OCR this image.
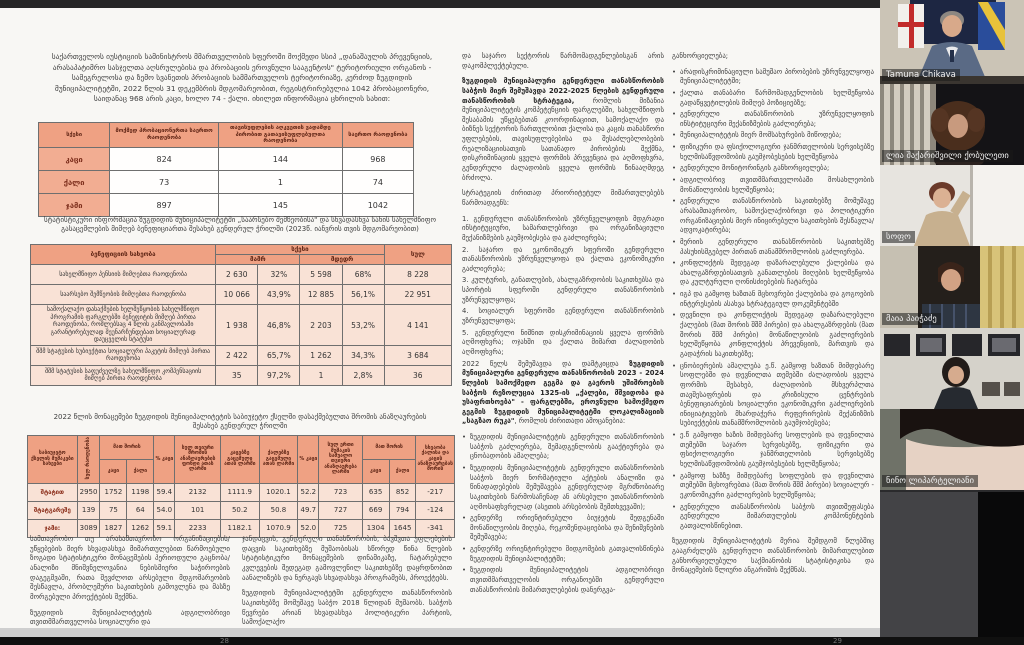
საქართველოს იუსტიციის სამინისტროს მმართველობის სფეროში მოქმედი სსიპ „დანაშაულის პრევენციის, არასაპატიმრო სასჯელთა აღსრულებისა და პრობაციის ეროვნული სააგენტოს" ტერიტორიული ორგანოს - სამეგრელოსა და ზემო სვანეთის პრობაციის სამმართველოს ტერიტორიაზე, კერძოდ ზუგდიდის მუნიციპალიტეტში, 2022 წლის 31 დეკემბრის მდგომარეობით, რეგისტრირებულია 1042 პრობაციონერი, საიდანაც 968 არის კაცი, ხოლო 74 - ქალი. იხილეთ ინფორმაცია ცხრილის სახით:
სქესი	მოქმედ პრობაციონერთა საერთო რაოდენობა	თავისუფლების აღკვეთის ვადამდე პირობით გათავისუფლებულთა რაოდენობა	საერთო რაოდენობა
კაცი	824	144	968
ქალი	73	1	74
ჯამი	897	145	1042
სტატისტიკური ინფორმაცია ზუგდიდის მუნიციპალიტეტში „საარსებო შემწეობისა" და სხვადასხვა სახის სახელმწიფო გასაცემლების მიმღებ ბენეფიციართა შესახებ გენდერულ ჭრილში (2023წ. იანვრის თვის მდგომარეობით)
ბენეფიციის სახეობა	სქესი				სულ
	მამრ		მდედრ		
სახელმწიფო პენსიის მიმღებთა რაოდენობა	2 630	32%	5 598	68%	8 228
საარსებო შემწეობის მიმღებთა რაოდენობა	10 066	43,9%	12 885	56,1%	22 951
სამოქალაქო დასაქმების ხელშეწყობის სახელმწიფო პროგრამის ფარგლებში ბენეფიტის მიმღებ პირთა რაოდენობა, რომლებსაც 4 წლის განმავლობაში გარანტირებულად შეუნარჩუნდებათ სოციალურად დაუცველის სტატუსი	1 938	46,8%	2 203	53,2%	4 141
შშმ სტატუსის სუბიექტთა სოციალური პაკეტის მიმღებ პირთა რაოდენობა	2 422	65,7%	1 262	34,3%	3 684
შშმ სტატუსის საფუძველზე სახელმწიფო კომპენსაციის მიმღებ პირთა რაოდენობა	35	97,2%	1	2,8%	36
2022 წლის მონაცემები ზუგდიდის მუნიციპალიტეტის საბიუჯეტო ქსელში დასაქმებულთა შრომის ანაზღაურების შესახებ გენდერულ ჭრილში
საბიუჯეტო ქსელის მუშაკები სახეები	სულ რაოდენობა	მათ შორის		% კაცი	სულ თვიური შრომის ანაზღაურების ფონდი ათას ლარში	კაცებზე გაცემული ათას ლარში	ქალებზე გაცემული ათას ლარში	% კაცი	სულ ერთი მუშაკის საშუალო თვიური ანაზღაურება ლარში	მათ შორის		სხვაობა ქალისა და კაცის ანაზღაურებას შორის
		კაცი	ქალი							კაცი	ქალი	
შტატით	2950	1752	1198	59.4	2132	1111.9	1020.1	52.2	723	635	852	-217
შტატგარეშე	139	75	64	54.0	101	50.2	50.8	49.7	727	669	794	-124
ჯამი:	3089	1827	1262	59.1	2233	1182.1	1070.9	52.0	725	1304	1645	-341

სამთავრობო თუ არასამთავრობო ორგანიზაციების/უწყებების მიერ სხვადასხვა მიმართულებით წარმოებული ზოგადი სტატისტიკური მონაცემების პერიოდული გაცნობა/ანალიზი მნიშვნელოვანია ნებისმიერი საჭიროების დაგეგმვაში, რათა შევძლოთ არსებული მდგომარეობის შესწავლა, პრობლემური საკითხების გამოვლენა და მასზე მორგებული პროექტების შექმნა.

ზუგდიდის მუნიციპალიტეტის ადგილობრივი თვითმმართველობა სოციალური და

ჯანდაცვის, გენდერული თანასწორობის, ბავშვთა უფლებების დაცვის საკითხებზე მუშაობისას სწორედ წინა წლების სტატისტიკური მონაცემების დინამიკაზე, ჩატარებული კვლევების შედეგად გამოვლენილ საკითხებზე დაყრდნობით აანალიზებს და ნერგავს სხვადასხვა პროგრამებს, პროექტებს.

ზუგდიდის მუნიციპალიტეტში გენდერული თანასწორობის საკითხებზე მომუშავე საბჭო 2018 წლიდან მუშაობს. საბჭოს წევრები არიან სხვადასხვა პოლიტიკური პარტიის, სამოქალაქო

და საჯარო სექტორის წარმომადგენლებისგან არის დაკომპლექტებული.

ზუგდიდის მუნიციპალური გენდერული თანასწორობის საბჭოს მიერ შემუშავდა 2022-2025 წლების გენდერული თანასწორობის სტრატეგია, რომლის მიზანია მუნიციპალიტეტის კომპეტენციის ფარგლებში, სახელმწიფოს შესაბამის უწყებებთან კოორდინაციით, სამოქალაქო და ბიზნეს სექტორის ჩართულობით ქალისა და კაცის თანასწორი უფლებების, თავისუფლებებისა და შესაძლებლობების რეალიზაციისათვის სათანადო პირობების შექმნა, დისკრიმინაციის ყველა ფორმის პრევენცია და აღმოფხვრა, გენდერული ძალადობის ყველა ფორმის წინააღმდეგ ბრძოლა.

სტრატეგიის ძირითად პრიორიტეტულ მიმართულებებს წარმოადგენს:

1. გენდერული თანასწორობის უზრუნველყოფის მდგრადი ინსტიტუციური, სამართლებრივი და ორგანიზაციული მექანიზმების გაუმჯობესება და გაძლიერება;
2. საჯარო და ეკონომიკურ სფეროში გენდერული თანასწორობის უზრუნველყოფა და ქალთა ეკონომიკური გაძლიერება;
3. კულტურის, განათლების, ახალგაზრდობის საკითხებსა და სპორტის სფეროში გენდერული თანასწორობის უზრუნველყოფა;
4. სოციალურ სფეროში გენდერული თანასწორობის უზრუნველყოფა;
5. გენდერული ნიშნით დისკრიმინაციის ყველა ფორმის აღმოფხვრა; ოჯახში და ქალთა მიმართ ძალადობის აღმოფხვრა;

2022 წელს შემუშავდა და დამტკიცდა ზუგდიდის მუნიციპალური გენდერული თანასწორობის 2023 - 2024 წლების სამოქმედო გეგმა და გაეროს უშიშროების საბჭოს რეზოლუცია 1325-ის „ქალები, მშვიდობა და უსაფრთხოება" - ფარგლებში, ეროვნული სამოქმედო გეგმის ზუგდიდის მუნიციპალიტეტში ლოკალიზაციის „საგზაო რუკა", რომლის ძირითადი ამოცანებია:

• ზუგდიდის მუნიციპალიტეტის გენდერული თანასწორობის საბჭოს გაძლიერება, შემადგენლობის გააქტიურება და ცნობადობის ამაღლება;
• ზუგდიდის მუნიციპალიტეტის გენდერული თანასწორობის საბჭოს მიერ ნორმატიული აქტების ანალიზი და წინადადებების შემუშავება გენდერულად მგრძნობიარე საკითხების წარმოსაჩენად ან არსებული უთანასწორობის აღმოსაფხვრელად (ასეთის არსებობის შემთხვევაში);
• გენდერზე ორიენტირებული ბიუჯეტის შედგენაში მონაწილეობის მიღება, რეკომენდაციებისა და შენიშვნების შემუშავება;
• გენდერზე ორიენტირებული მიდგომების გათვალისწინება ზუგდიდის მუნიციპალიტეტში;
• ზუგდიდის მუნიციპალიტეტის ადგილობრივი თვითმმართველობის ორგანოებში გენდერული თანასწორობის მიმართულებების დანერგვა-

განხორციელება;

• არადისკრიმინაციული სამუშაო პირობების უზრუნველყოფა მუნიციპალიტეტში;
• ქალთა თანაბარი წარმომადგენლობის ხელშეწყობა გადაწყვეტილების მიმღებ პოზიციებზე;
• გენდერული თანასწორობის უზრუნველყოფის ინსტიტუციური მექანიზმების გაძლიერება;
• მუნიციპალიტეტის მიერ მომსახურების მიწოდება;
• ფიზიკური და ფსიქოლოგიური ჯანმრთელობის სერვისებზე ხელმისაწვდომობის გაუმჯობესების ხელშეწყობა
• გენდერული მონიტორინგის განხორციელება;
• ადგილობრივ თვითმმართველობაში მოსახლეობის მონაწილეობის ხელშეწყობა;
• გენდერული თანასწორობის საკითხებზე მომუშავე არასამთავრობო, სამოქალაქობრივი და პოლიტიკური ორგანიზაციების მიერ ინიცირებული საკითხების შესწავლა/ადვოკატირება;
• მერიის გენდერული თანასწორობის საკითხებზე პასუხისმგებელ პირთან თანამშრომლობის გაძლიერება.
• კონფლიქტის შედეგად დაზარალებული ქალებისა და ახალგაზრდებისათვის განათლების მიღების ხელშეწყობა და კულტურული ღონისძიებების ჩატარება
• იგპ და გამყოფ ხაზთან მცხოვრები ქალებისა და გოგოების ინტერესების ასახვა სტრატეგიულ დოკუმენტებში
• დევნილი და კონფლიქტის შედეგად დაზარალებული ქალების (მათ შორის შშმ პირები) და ახალგაზრდების (მათ შორის შშმ პირები) მონაწილეობის გაძლიერების ხელშეწყობა კონფლიქტის პრევენციის, მართვის და გადაჭრის საკითხებზე;
• ცნობიერების ამაღლება ე.წ. გამყოფ ხაზთან მიმდებარე სოფლებში და დევნილთა თემებში ძალადობის ყველა ფორმის შესახებ, ძალადობის მსხვერპლთა თავშესაფრების და კრიზისული ცენტრების ბენეფიციარების სოციალური ეკონომიკური გაძლიერების ინიციატივების მხარდაჭერა რეფერირების მექანიზმის სუბიექტების თანამშრომლობის გაუმჯობესება;
• ე.წ გამყოფი ხაზის მიმდებარე სოფლების და დევნილთა თემებში საჯარო სერვისებზე, ფიზიკური და ფსიქოლოგიური ჯანმრთელობის სერვისებზე ხელმისაწვდომობის გაუმჯობესების ხელშეწყობა;
• გამყოფ ხაზზე მიმდებარე სოფლების და დევნილთა თემებში მცხოვრებთა (მათ შორის შშმ პირები) სოციალურ - ეკონომიკური გაძლიერების ხელშეწყობა;
• გენდერული თანასწორობის საბჭოს თვითშეფასება გენდერული მიმართულების კომპონენტების გათვალისწინებით.

ზუგდიდის მუნიციპალიტეტის მერია შემდგომ წლებშიც გააგრძელებს გენდერული თანასწორობის მიმართულებით განხორციელებული საქმიანობის სტატისტიკისა და მონაცემების წლიური ანგარიშის შექმნას.

28	29
Tamuna Chikava
ლია შაქარიშვილი ქობულეთი
სოფო
მაია პაიჭაძე
ნინო ლიპარტელიანი
